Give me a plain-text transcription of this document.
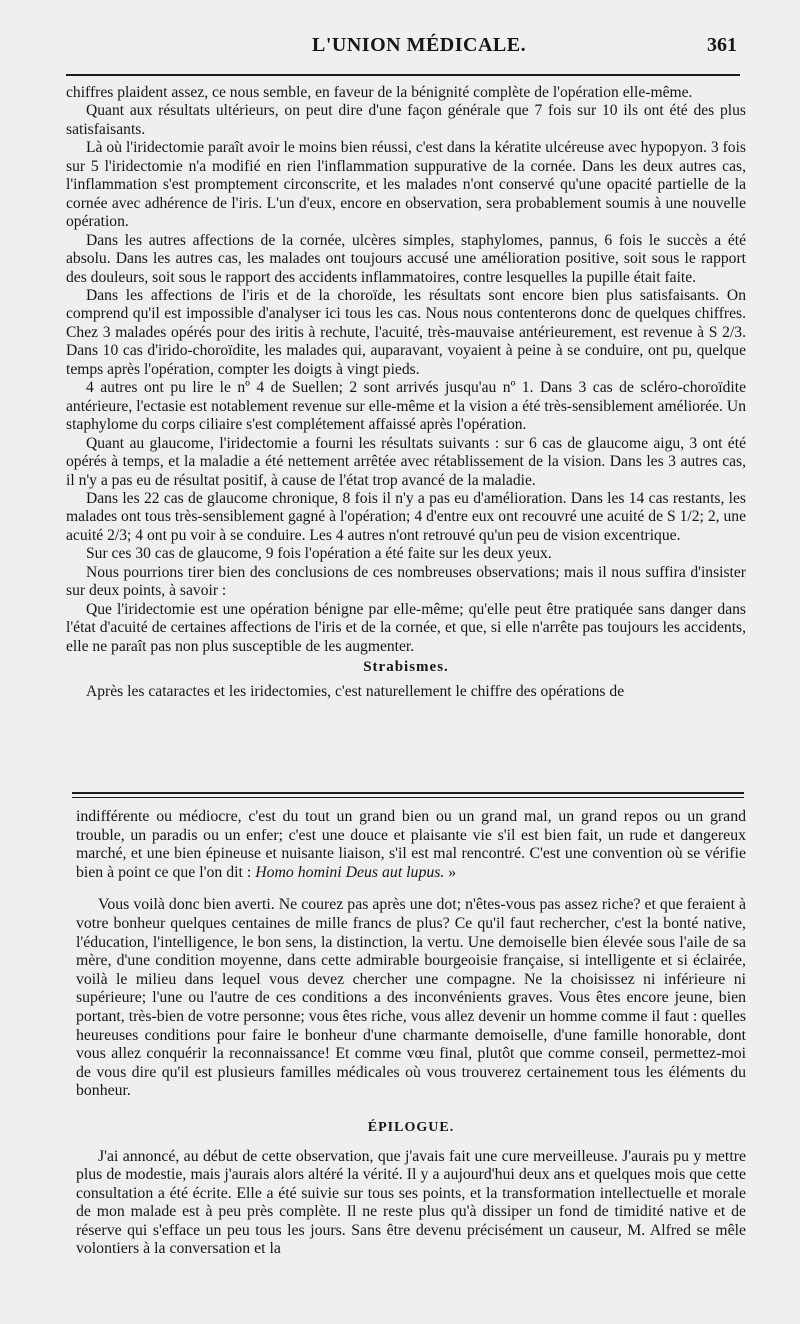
L'UNION MÉDICALE.	361

chiffres plaident assez, ce nous semble, en faveur de la bénignité complète de l'opération elle-même.

Quant aux résultats ultérieurs, on peut dire d'une façon générale que 7 fois sur 10 ils ont été des plus satisfaisants.

Là où l'iridectomie paraît avoir le moins bien réussi, c'est dans la kératite ulcéreuse avec hypopyon. 3 fois sur 5 l'iridectomie n'a modifié en rien l'inflammation suppurative de la cornée. Dans les deux autres cas, l'inflammation s'est promptement circonscrite, et les malades n'ont conservé qu'une opacité partielle de la cornée avec adhérence de l'iris. L'un d'eux, encore en observation, sera probablement soumis à une nouvelle opération.

Dans les autres affections de la cornée, ulcères simples, staphylomes, pannus, 6 fois le succès a été absolu. Dans les autres cas, les malades ont toujours accusé une amélioration positive, soit sous le rapport des douleurs, soit sous le rapport des accidents inflammatoires, contre lesquelles la pupille était faite.

Dans les affections de l'iris et de la choroïde, les résultats sont encore bien plus satisfaisants. On comprend qu'il est impossible d'analyser ici tous les cas. Nous nous contenterons donc de quelques chiffres. Chez 3 malades opérés pour des iritis à rechute, l'acuité, très-mauvaise antérieurement, est revenue à S 2/3. Dans 10 cas d'irido-choroïdite, les malades qui, auparavant, voyaient à peine à se conduire, ont pu, quelque temps après l'opération, compter les doigts à vingt pieds.

4 autres ont pu lire le nº 4 de Suellen; 2 sont arrivés jusqu'au nº 1. Dans 3 cas de scléro-choroïdite antérieure, l'ectasie est notablement revenue sur elle-même et la vision a été très-sensiblement améliorée. Un staphylome du corps ciliaire s'est complétement affaissé après l'opération.

Quant au glaucome, l'iridectomie a fourni les résultats suivants : sur 6 cas de glaucome aigu, 3 ont été opérés à temps, et la maladie a été nettement arrêtée avec rétablissement de la vision. Dans les 3 autres cas, il n'y a pas eu de résultat positif, à cause de l'état trop avancé de la maladie.

Dans les 22 cas de glaucome chronique, 8 fois il n'y a pas eu d'amélioration. Dans les 14 cas restants, les malades ont tous très-sensiblement gagné à l'opération; 4 d'entre eux ont recouvré une acuité de S 1/2; 2, une acuité 2/3; 4 ont pu voir à se conduire. Les 4 autres n'ont retrouvé qu'un peu de vision excentrique.

Sur ces 30 cas de glaucome, 9 fois l'opération a été faite sur les deux yeux.

Nous pourrions tirer bien des conclusions de ces nombreuses observations; mais il nous suffira d'insister sur deux points, à savoir :

Que l'iridectomie est une opération bénigne par elle-même; qu'elle peut être pratiquée sans danger dans l'état d'acuité de certaines affections de l'iris et de la cornée, et que, si elle n'arrête pas toujours les accidents, elle ne paraît pas non plus susceptible de les augmenter.

Strabismes.

Après les cataractes et les iridectomies, c'est naturellement le chiffre des opérations de

indifférente ou médiocre, c'est du tout un grand bien ou un grand mal, un grand repos ou un grand trouble, un paradis ou un enfer; c'est une douce et plaisante vie s'il est bien fait, un rude et dangereux marché, et une bien épineuse et nuisante liaison, s'il est mal rencontré. C'est une convention où se vérifie bien à point ce que l'on dit : Homo homini Deus aut lupus. »

Vous voilà donc bien averti. Ne courez pas après une dot; n'êtes-vous pas assez riche? et que feraient à votre bonheur quelques centaines de mille francs de plus? Ce qu'il faut rechercher, c'est la bonté native, l'éducation, l'intelligence, le bon sens, la distinction, la vertu. Une demoiselle bien élevée sous l'aile de sa mère, d'une condition moyenne, dans cette admirable bourgeoisie française, si intelligente et si éclairée, voilà le milieu dans lequel vous devez chercher une compagne. Ne la choisissez ni inférieure ni supérieure; l'une ou l'autre de ces conditions a des inconvénients graves. Vous êtes encore jeune, bien portant, très-bien de votre personne; vous êtes riche, vous allez devenir un homme comme il faut : quelles heureuses conditions pour faire le bonheur d'une charmante demoiselle, d'une famille honorable, dont vous allez conquérir la reconnaissance! Et comme vœu final, plutôt que comme conseil, permettez-moi de vous dire qu'il est plusieurs familles médicales où vous trouverez certainement tous les éléments du bonheur.

ÉPILOGUE.

J'ai annoncé, au début de cette observation, que j'avais fait une cure merveilleuse. J'aurais pu y mettre plus de modestie, mais j'aurais alors altéré la vérité. Il y a aujourd'hui deux ans et quelques mois que cette consultation a été écrite. Elle a été suivie sur tous ses points, et la transformation intellectuelle et morale de mon malade est à peu près complète. Il ne reste plus qu'à dissiper un fond de timidité native et de réserve qui s'efface un peu tous les jours. Sans être devenu précisément un causeur, M. Alfred se mêle volontiers à la conversation et la
